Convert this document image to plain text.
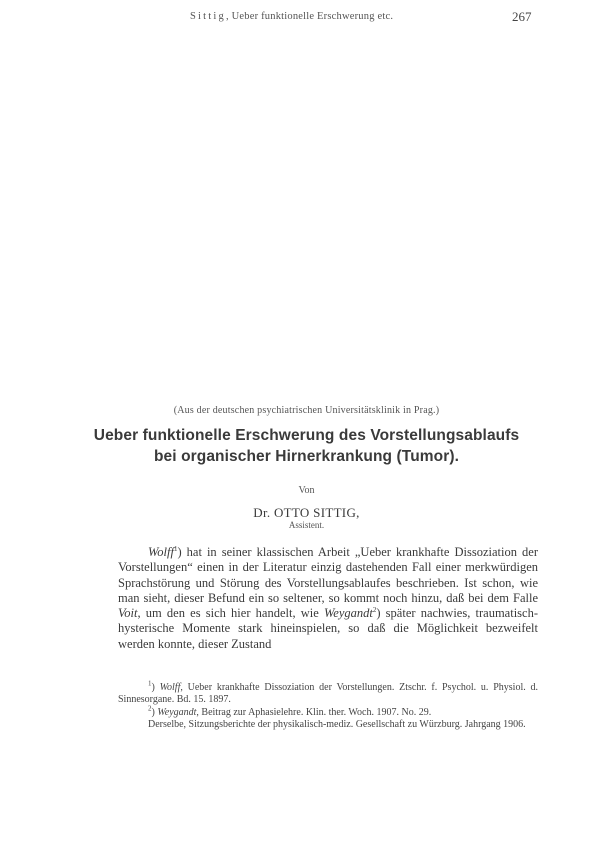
Sittig, Ueber funktionelle Erschwerung etc.	267
(Aus der deutschen psychiatrischen Universitätsklinik in Prag.)
Ueber funktionelle Erschwerung des Vorstellungsablaufs
bei organischer Hirnerkrankung (Tumor).
Von
Dr. OTTO SITTIG,
Assistent.

Wolff$^1$) hat in seiner klassischen Arbeit „Ueber krankhafte Dissoziation der Vorstellungen“ einen in der Literatur einzig dastehenden Fall einer merkwürdigen Sprachstörung und Störung des Vorstellungsablaufes beschrieben. Ist schon, wie man sieht, dieser Befund ein so seltener, so kommt noch hinzu, daß bei dem Falle Voit, um den es sich hier handelt, wie Weygandt$^2$) später nachwies, traumatisch-hysterische Momente stark hineinspielen, so daß die Möglichkeit bezweifelt werden konnte, dieser Zustand

$^1$) Wolff, Ueber krankhafte Dissoziation der Vorstellungen. Ztschr. f. Psychol. u. Physiol. d. Sinnesorgane. Bd. 15. 1897.

$^2$) Weygandt, Beitrag zur Aphasielehre. Klin. ther. Woch. 1907. No. 29.

Derselbe, Sitzungsberichte der physikalisch-mediz. Gesellschaft zu Würzburg. Jahrgang 1906.
